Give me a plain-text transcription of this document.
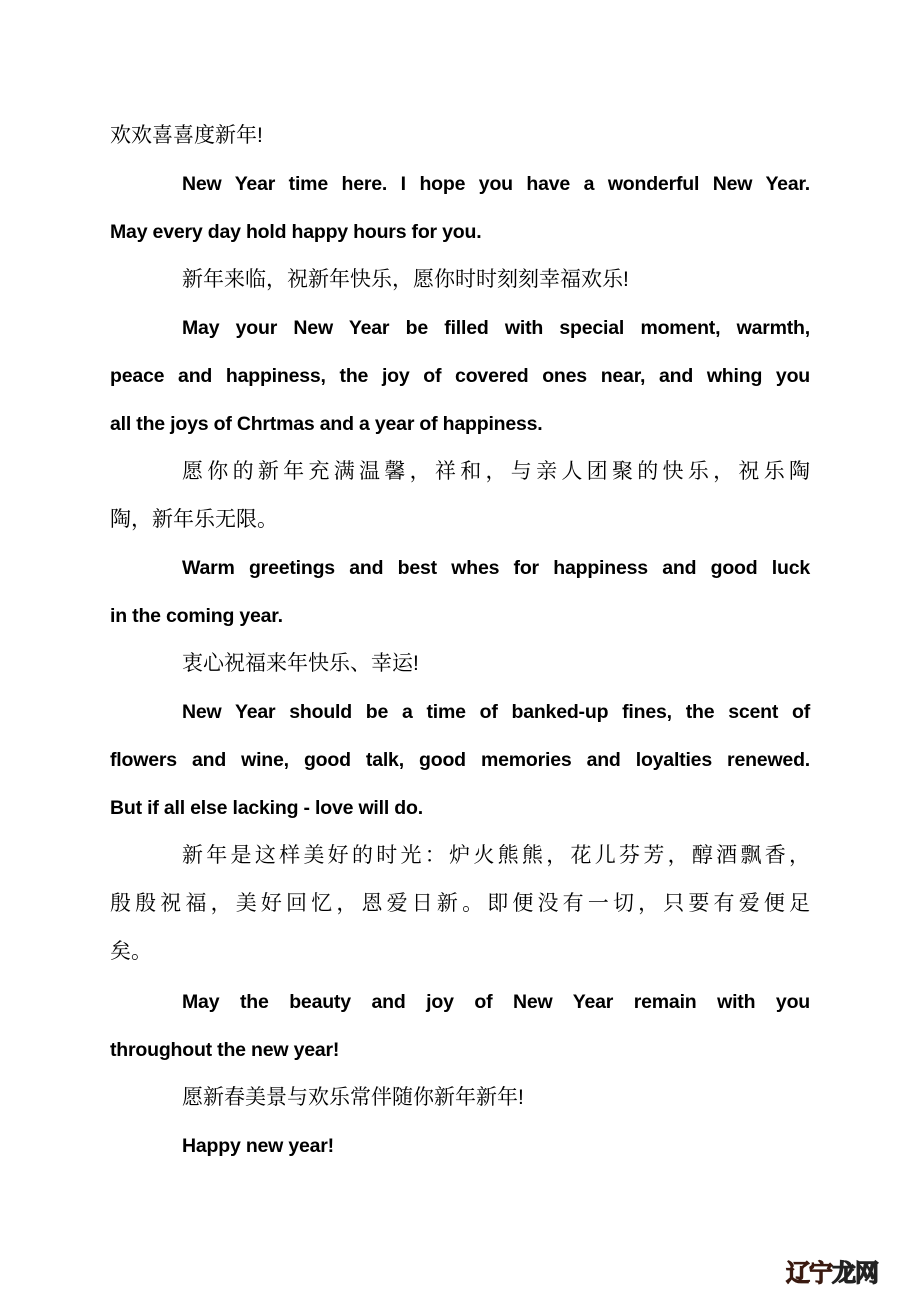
欢欢喜喜度新年!
New Year time here. I hope you have a wonderful New Year.
May every day hold happy hours for you.
新年来临，祝新年快乐，愿你时时刻刻幸福欢乐!
May your New Year be filled with special moment, warmth,
peace and happiness, the joy of covered ones near, and whing you
all the joys of Chrtmas and a year of happiness.
愿你的新年充满温馨，祥和，与亲人团聚的快乐，祝乐陶
陶，新年乐无限。
Warm greetings and best whes for happiness and good luck
in the coming year.
衷心祝福来年快乐、幸运!
New Year should be a time of banked-up fines, the scent of
flowers and wine, good talk, good memories and loyalties renewed.
But if all else lacking - love will do.
新年是这样美好的时光：炉火熊熊，花儿芬芳，醇酒飘香，
殷殷祝福，美好回忆，恩爱日新。即便没有一切，只要有爱便足
矣。
May the beauty and joy of New Year remain with you
throughout the new year!
愿新春美景与欢乐常伴随你新年新年!
Happy new year!
辽宁龙网
